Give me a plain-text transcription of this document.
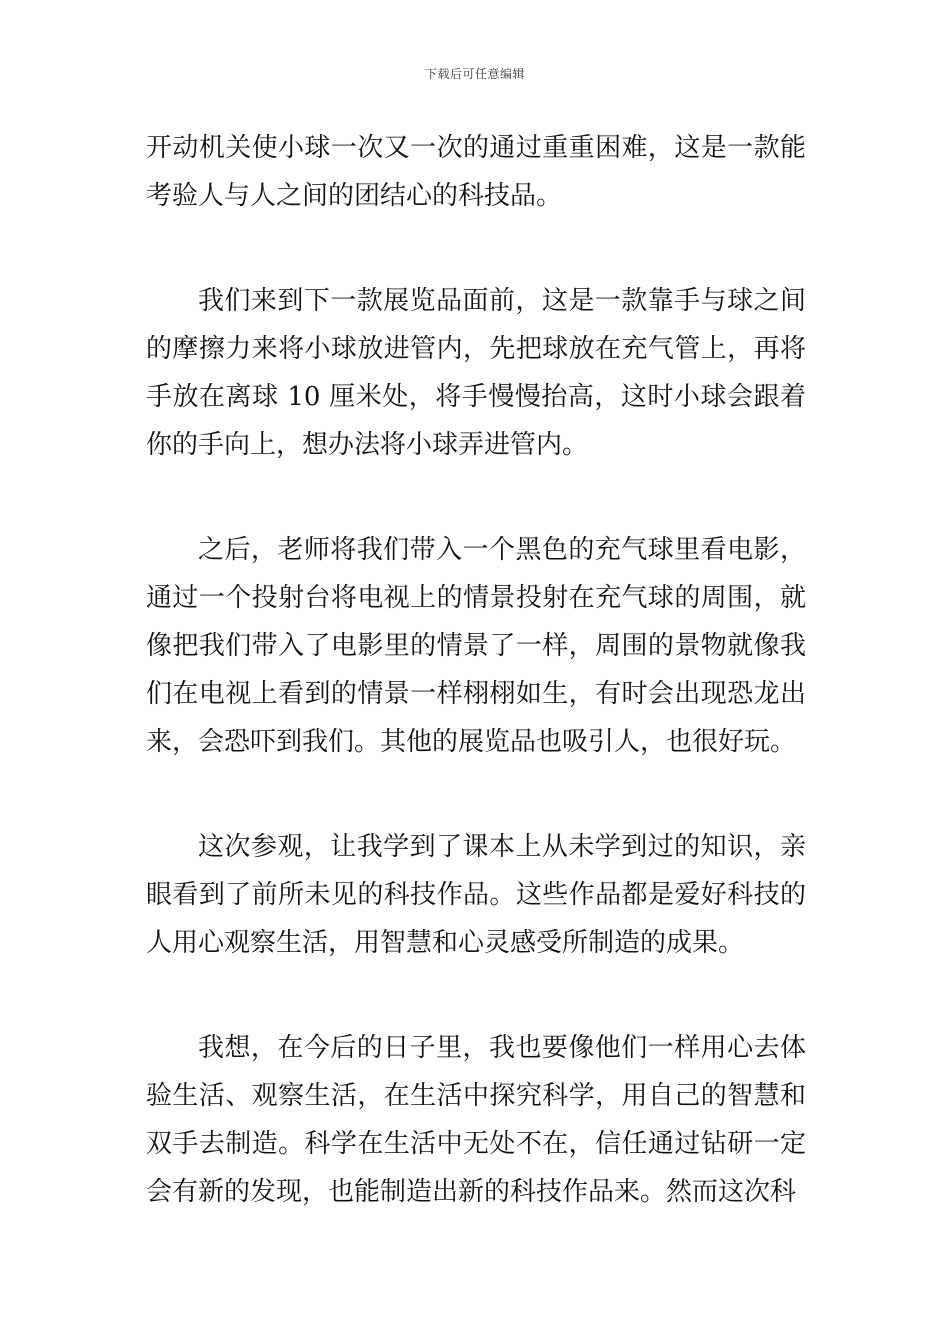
下载后可任意编辑

开动机关使小球一次又一次的通过重重困难，这是一款能考验人与人之间的团结心的科技品。

我们来到下一款展览品面前，这是一款靠手与球之间的摩擦力来将小球放进管内，先把球放在充气管上，再将手放在离球 10 厘米处，将手慢慢抬高，这时小球会跟着你的手向上，想办法将小球弄进管内。

之后，老师将我们带入一个黑色的充气球里看电影，通过一个投射台将电视上的情景投射在充气球的周围，就像把我们带入了电影里的情景了一样，周围的景物就像我们在电视上看到的情景一样栩栩如生，有时会出现恐龙出来，会恐吓到我们。其他的展览品也吸引人，也很好玩。

这次参观，让我学到了课本上从未学到过的知识，亲眼看到了前所未见的科技作品。这些作品都是爱好科技的人用心观察生活，用智慧和心灵感受所制造的成果。

我想，在今后的日子里，我也要像他们一样用心去体验生活、观察生活，在生活中探究科学，用自己的智慧和双手去制造。科学在生活中无处不在，信任通过钻研一定会有新的发现，也能制造出新的科技作品来。然而这次科
